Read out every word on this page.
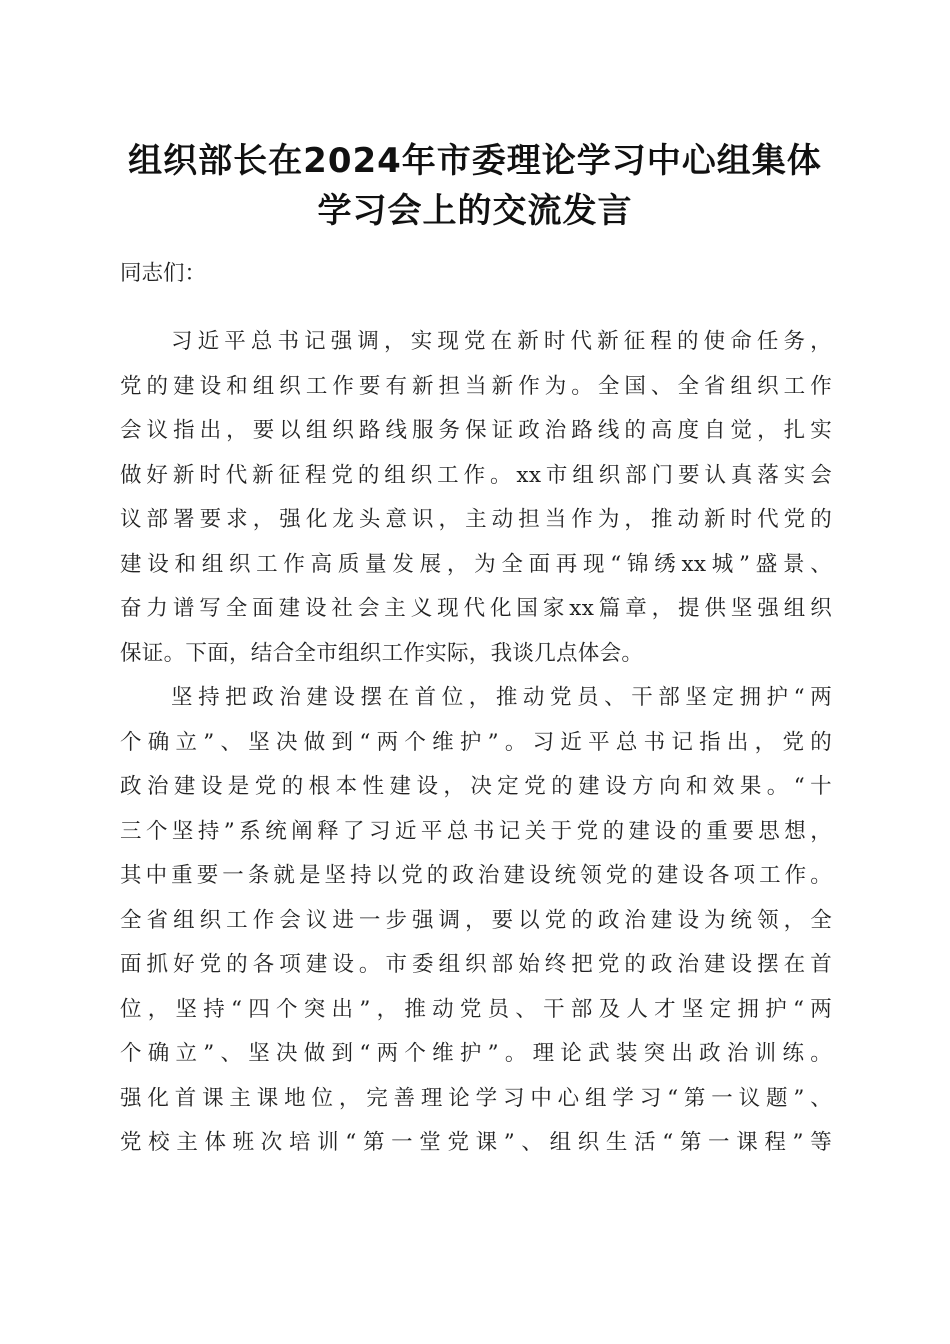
组织部长在2024年市委理论学习中心组集体
学习会上的交流发言
同志们：
习近平总书记强调，实现党在新时代新征程的使命任务，
党的建设和组织工作要有新担当新作为。全国、全省组织工作
会议指出，要以组织路线服务保证政治路线的高度自觉，扎实
做好新时代新征程党的组织工作。xx市组织部门要认真落实会
议部署要求，强化龙头意识，主动担当作为，推动新时代党的
建设和组织工作高质量发展，为全面再现“锦绣xx城”盛景、
奋力谱写全面建设社会主义现代化国家xx篇章，提供坚强组织
保证。下面，结合全市组织工作实际，我谈几点体会。
坚持把政治建设摆在首位，推动党员、干部坚定拥护“两
个确立”、坚决做到“两个维护”。习近平总书记指出，党的
政治建设是党的根本性建设，决定党的建设方向和效果。“十
三个坚持”系统阐释了习近平总书记关于党的建设的重要思想，
其中重要一条就是坚持以党的政治建设统领党的建设各项工作。
全省组织工作会议进一步强调，要以党的政治建设为统领，全
面抓好党的各项建设。市委组织部始终把党的政治建设摆在首
位，坚持“四个突出”，推动党员、干部及人才坚定拥护“两
个确立”、坚决做到“两个维护”。理论武装突出政治训练。
强化首课主课地位，完善理论学习中心组学习“第一议题”、
党校主体班次培训“第一堂党课”、组织生活“第一课程”等
